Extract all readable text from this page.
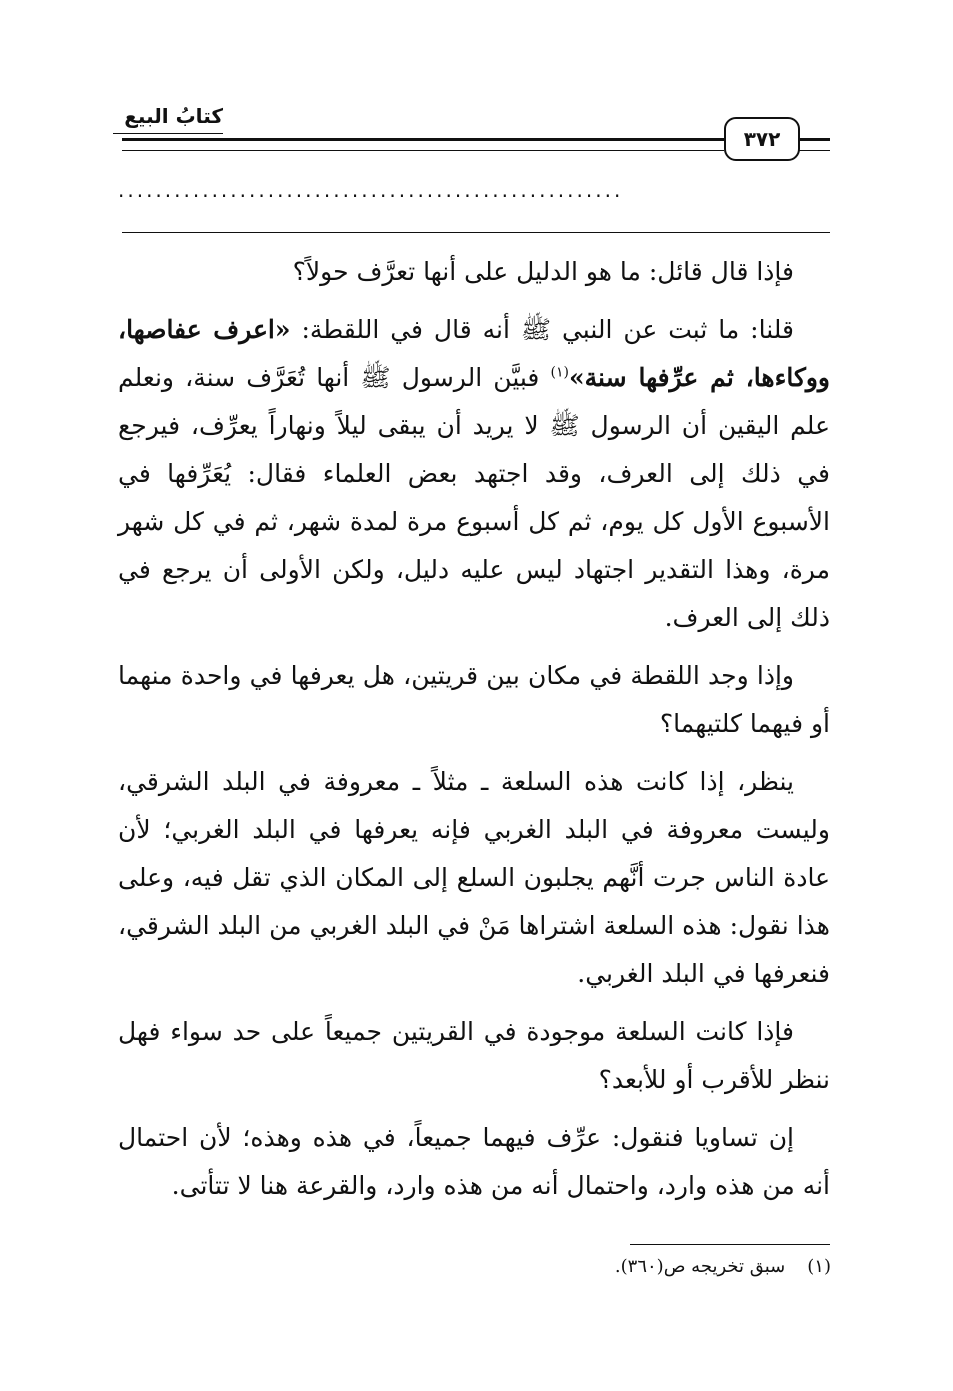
كتابُ البيع
٣٧٢
......................................................

فإذا قال قائل: ما هو الدليل على أنها تعرَّف حولاً؟

قلنا: ما ثبت عن النبي ﷺ أنه قال في اللقطة: «اعرف عفاصها، ووكاءها، ثم عرِّفها سنة»$^{(١)}$ فبيَّن الرسول ﷺ أنها تُعَرَّف سنة، ونعلم علم اليقين أن الرسول ﷺ لا يريد أن يبقى ليلاً ونهاراً يعرِّف، فيرجع في ذلك إلى العرف، وقد اجتهد بعض العلماء فقال: يُعَرِّفها في الأسبوع الأول كل يوم، ثم كل أسبوع مرة لمدة شهر، ثم في كل شهر مرة، وهذا التقدير اجتهاد ليس عليه دليل، ولكن الأولى أن يرجع في ذلك إلى العرف.

وإذا وجد اللقطة في مكان بين قريتين، هل يعرفها في واحدة منهما أو فيهما كلتيهما؟

ينظر، إذا كانت هذه السلعة ـ مثلاً ـ معروفة في البلد الشرقي، وليست معروفة في البلد الغربي فإنه يعرفها في البلد الغربي؛ لأن عادة الناس جرت أنَّهم يجلبون السلع إلى المكان الذي تقل فيه، وعلى هذا نقول: هذه السلعة اشتراها مَنْ في البلد الغربي من البلد الشرقي، فنعرفها في البلد الغربي.

فإذا كانت السلعة موجودة في القريتين جميعاً على حد سواء فهل ننظر للأقرب أو للأبعد؟

إن تساويا فنقول: عرِّف فيهما جميعاً، في هذه وهذه؛ لأن احتمال أنه من هذه وارد، واحتمال أنه من هذه وارد، والقرعة هنا لا تتأتى.

(١)سبق تخريجه ص(٣٦٠).
